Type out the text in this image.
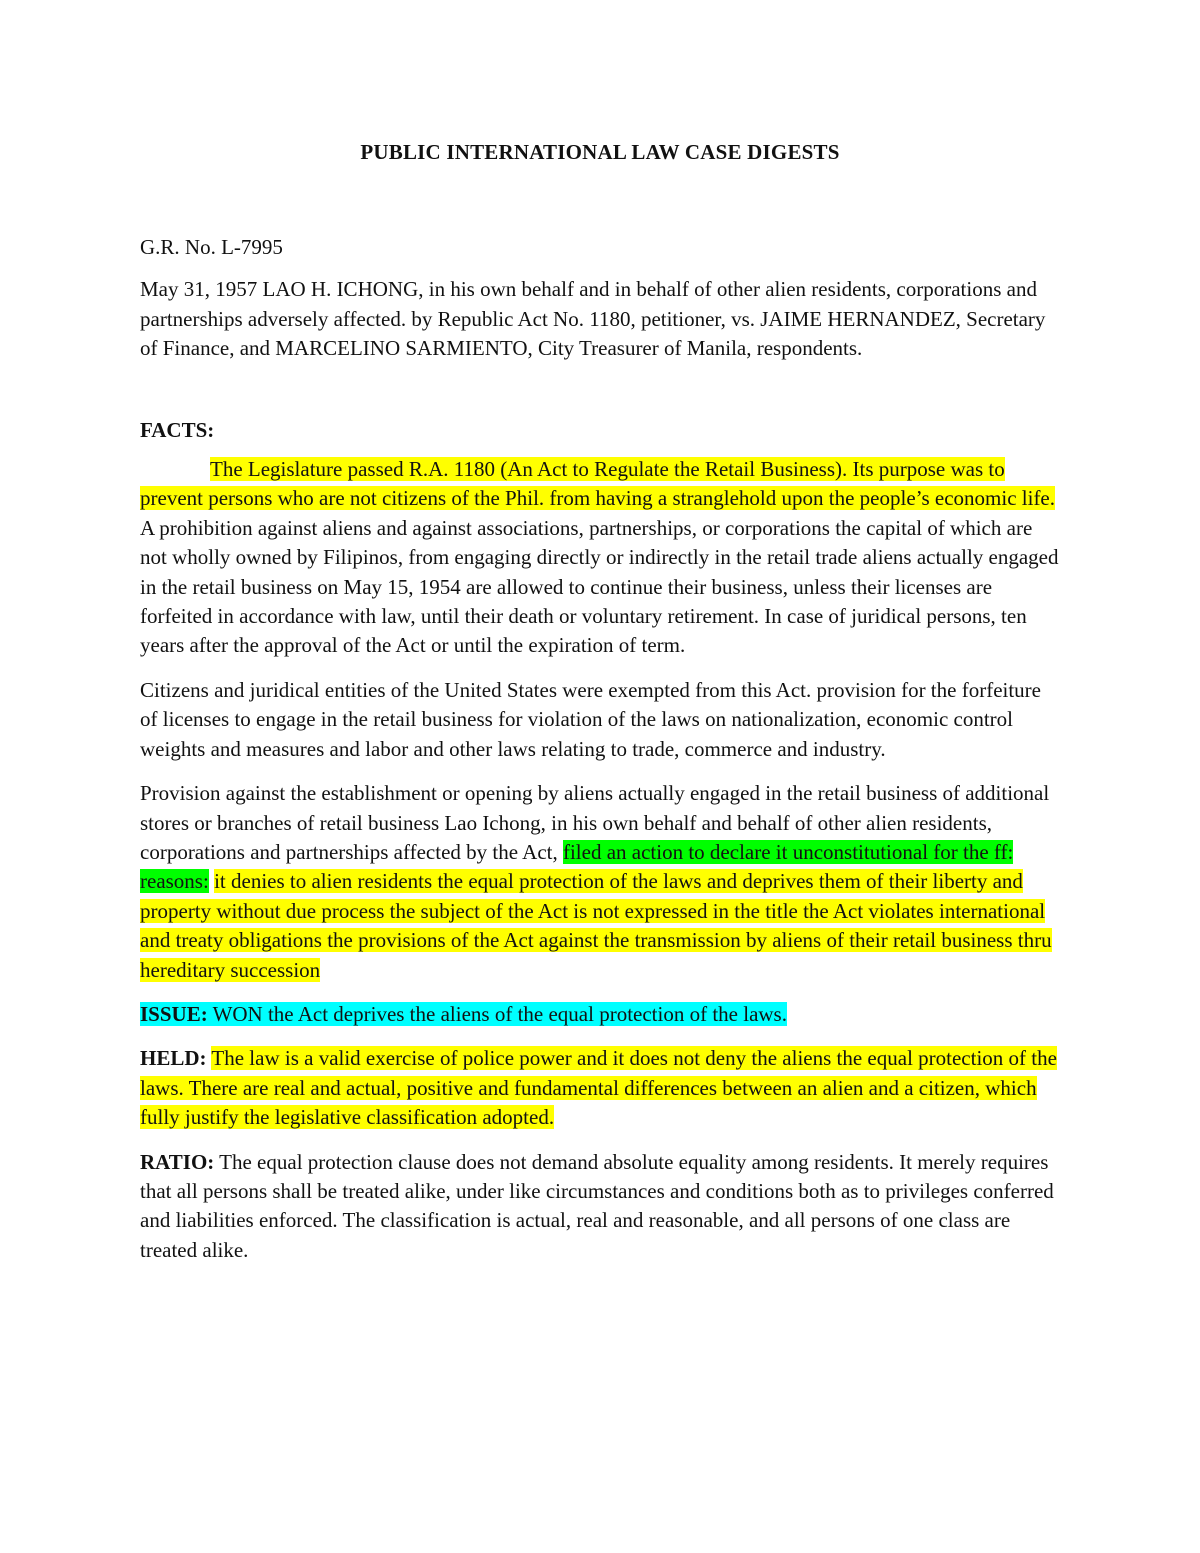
PUBLIC INTERNATIONAL LAW CASE DIGESTS

G.R. No. L-7995

May 31, 1957 LAO H. ICHONG, in his own behalf and in behalf of other alien residents, corporations and partnerships adversely affected. by Republic Act No. 1180, petitioner, vs. JAIME HERNANDEZ, Secretary of Finance, and MARCELINO SARMIENTO, City Treasurer of Manila, respondents.

FACTS:

The Legislature passed R.A. 1180 (An Act to Regulate the Retail Business). Its purpose was to prevent persons who are not citizens of the Phil. from having a stranglehold upon the people’s economic life. A prohibition against aliens and against associations, partnerships, or corporations the capital of which are not wholly owned by Filipinos, from engaging directly or indirectly in the retail trade aliens actually engaged in the retail business on May 15, 1954 are allowed to continue their business, unless their licenses are forfeited in accordance with law, until their death or voluntary retirement. In case of juridical persons, ten years after the approval of the Act or until the expiration of term.

Citizens and juridical entities of the United States were exempted from this Act. provision for the forfeiture of licenses to engage in the retail business for violation of the laws on nationalization, economic control weights and measures and labor and other laws relating to trade, commerce and industry.

Provision against the establishment or opening by aliens actually engaged in the retail business of additional stores or branches of retail business Lao Ichong, in his own behalf and behalf of other alien residents, corporations and partnerships affected by the Act, filed an action to declare it unconstitutional for the ff: reasons: it denies to alien residents the equal protection of the laws and deprives them of their liberty and property without due process the subject of the Act is not expressed in the title the Act violates international and treaty obligations the provisions of the Act against the transmission by aliens of their retail business thru hereditary succession

ISSUE: WON the Act deprives the aliens of the equal protection of the laws.

HELD: The law is a valid exercise of police power and it does not deny the aliens the equal protection of the laws. There are real and actual, positive and fundamental differences between an alien and a citizen, which fully justify the legislative classification adopted.

RATIO: The equal protection clause does not demand absolute equality among residents. It merely requires that all persons shall be treated alike, under like circumstances and conditions both as to privileges conferred and liabilities enforced. The classification is actual, real and reasonable, and all persons of one class are treated alike.
